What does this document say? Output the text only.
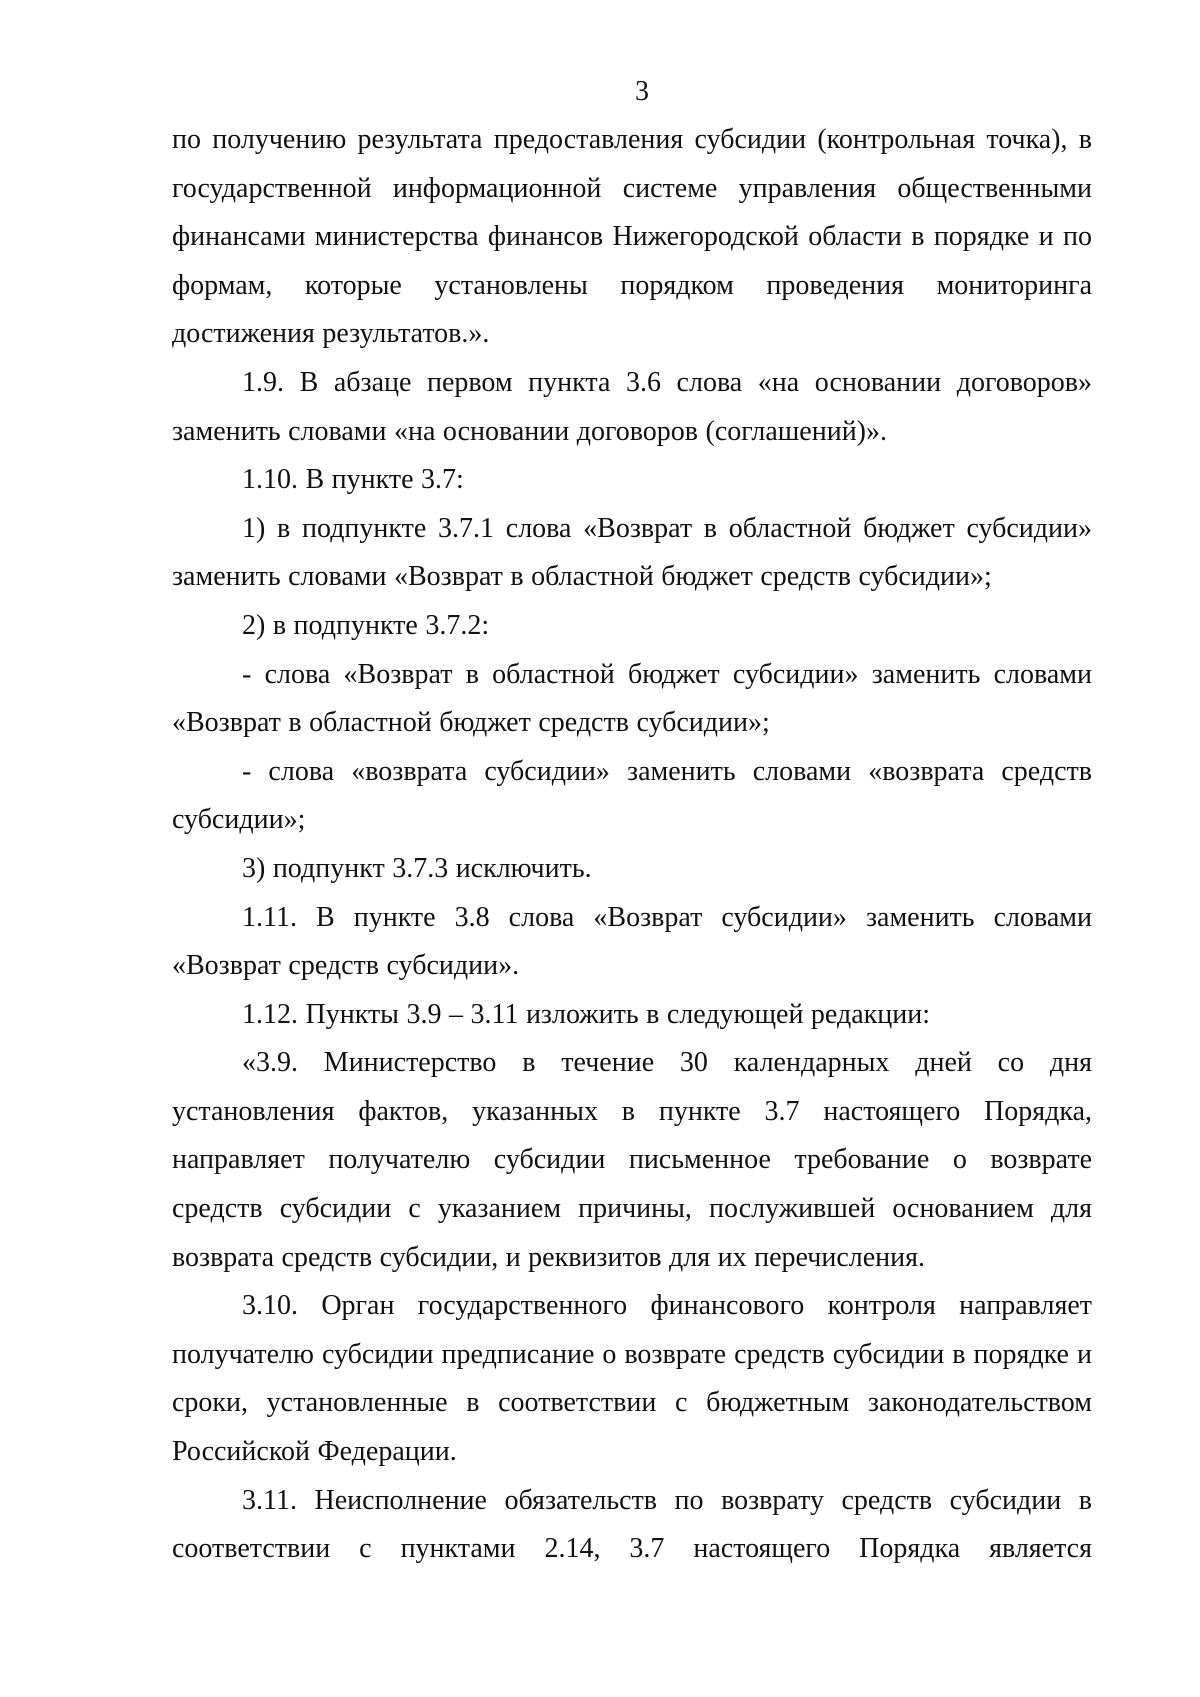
3

по получению результата предоставления субсидии (контрольная точка), в государственной информационной системе управления общественными финансами министерства финансов Нижегородской области в порядке и по формам, которые установлены порядком проведения мониторинга достижения результатов.».

1.9. В абзаце первом пункта 3.6 слова «на основании договоров» заменить словами «на основании договоров (соглашений)».

1.10. В пункте 3.7:

1) в подпункте 3.7.1 слова «Возврат в областной бюджет субсидии» заменить словами «Возврат в областной бюджет средств субсидии»;

2) в подпункте 3.7.2:

- слова «Возврат в областной бюджет субсидии» заменить словами «Возврат в областной бюджет средств субсидии»;

- слова «возврата субсидии» заменить словами «возврата средств субсидии»;

3) подпункт 3.7.3 исключить.

1.11. В пункте 3.8 слова «Возврат субсидии» заменить словами «Возврат средств субсидии».

1.12. Пункты 3.9 – 3.11 изложить в следующей редакции:

«3.9. Министерство в течение 30 календарных дней со дня установления фактов, указанных в пункте 3.7 настоящего Порядка, направляет получателю субсидии письменное требование о возврате средств субсидии с указанием причины, послужившей основанием для возврата средств субсидии, и реквизитов для их перечисления.

3.10. Орган государственного финансового контроля направляет получателю субсидии предписание о возврате средств субсидии в порядке и сроки, установленные в соответствии с бюджетным законодательством Российской Федерации.

3.11. Неисполнение обязательств по возврату средств субсидии в соответствии с пунктами 2.14, 3.7 настоящего Порядка является
